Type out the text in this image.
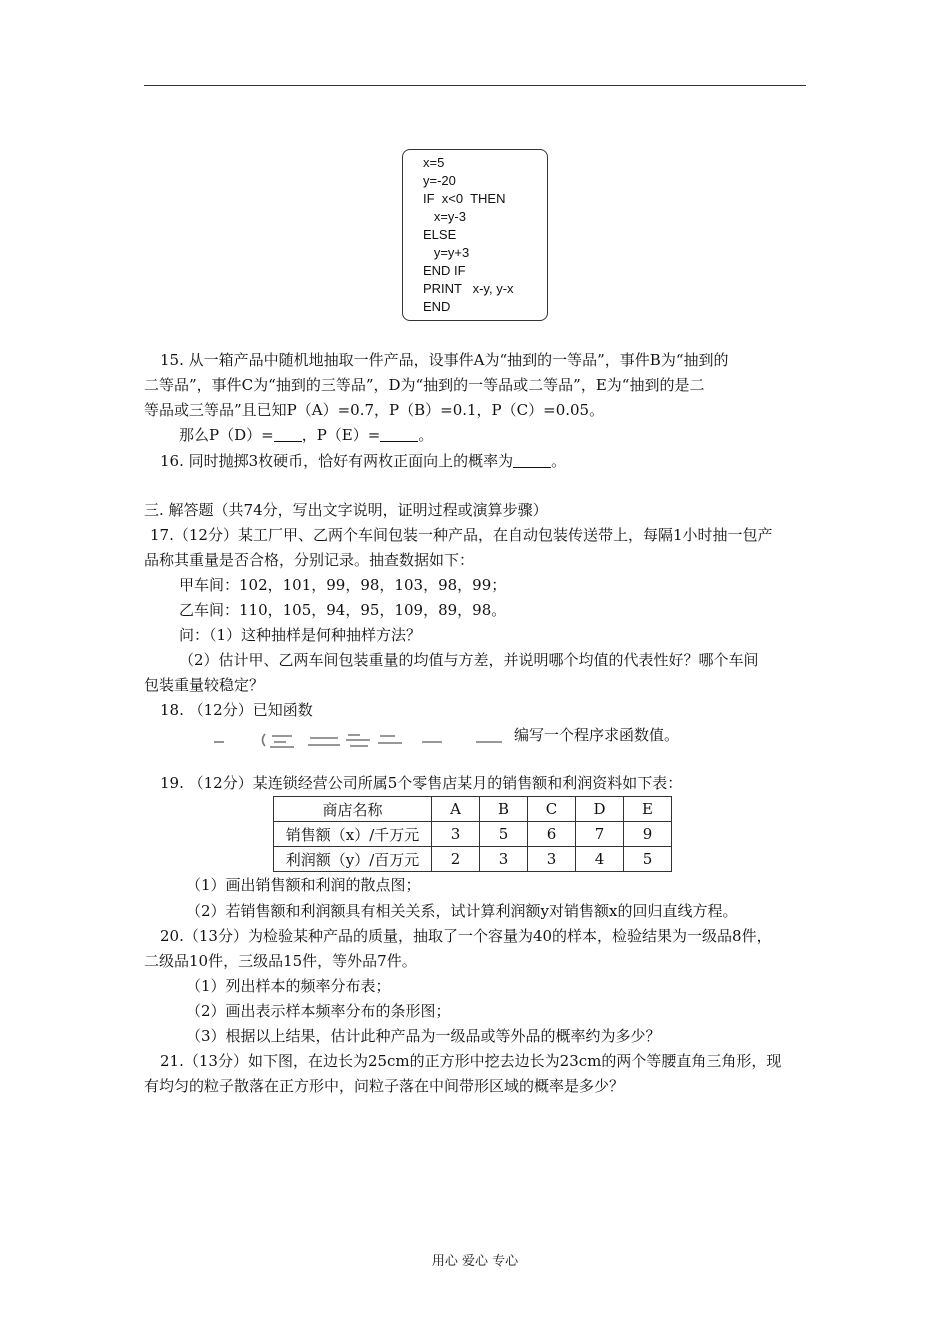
x=5
y=-20
IF  x<0  THEN
x=y-3
ELSE
y=y+3
END IF
PRINT   x-y, y-x
END
15. 从一箱产品中随机地抽取一件产品，设事件A为“抽到的一等品”，事件B为“抽到的
二等品”，事件C为“抽到的三等品”，D为“抽到的一等品或二等品”，E为“抽到的是二
等品或三等品”且已知P（A）=0.7，P（B）=0.1，P（C）=0.05。
那么P（D）= ，P（E）=	。
16. 同时抛掷3枚硬币，恰好有两枚正面向上的概率为	。
三. 解答题（共74分，写出文字说明，证明过程或演算步骤）
17.（12分）某工厂甲、乙两个车间包装一种产品，在自动包装传送带上，每隔1小时抽一包产
品称其重量是否合格，分别记录。抽查数据如下：
甲车间：102，101，99，98，103，98，99；
乙车间：110，105，94，95，109，89，98。
问：（1）这种抽样是何种抽样方法？
（2）估计甲、乙两车间包装重量的均值与方差，并说明哪个均值的代表性好？哪个车间
包装重量较稳定？
18. （12分）已知函数
编写一个程序求函数值。
19. （12分）某连锁经营公司所属5个零售店某月的销售额和利润资料如下表：
商店名称	A	B	C	D	E
销售额（x）/千万元	3	5	6	7	9
利润额（y）/百万元	2	3	3	4	5
（1）画出销售额和利润的散点图；
（2）若销售额和利润额具有相关关系，试计算利润额y对销售额x的回归直线方程。
20.（13分）为检验某种产品的质量，抽取了一个容量为40的样本，检验结果为一级品8件，
二级品10件，三级品15件，等外品7件。
（1）列出样本的频率分布表；
（2）画出表示样本频率分布的条形图；
（3）根据以上结果，估计此种产品为一级品或等外品的概率约为多少？
21.（13分）如下图，在边长为25cm的正方形中挖去边长为23cm的两个等腰直角三角形，现
有均匀的粒子散落在正方形中，问粒子落在中间带形区域的概率是多少？
用心 爱心 专心
